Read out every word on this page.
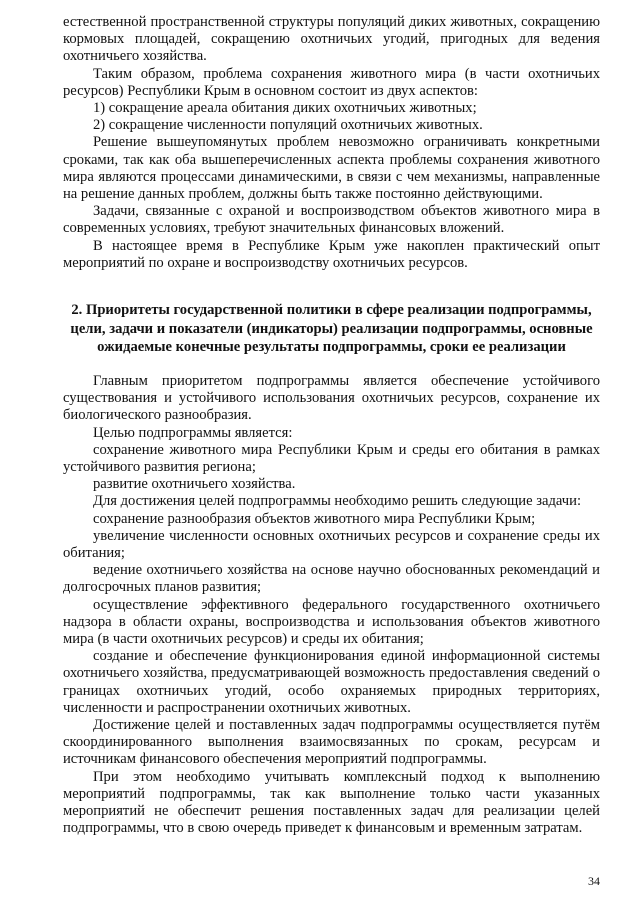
естественной пространственной структуры популяций диких животных, сокращению кормовых площадей, сокращению охотничьих угодий, пригодных для ведения охотничьего хозяйства.

Таким образом, проблема сохранения животного мира (в части охотничьих ресурсов) Республики Крым в основном состоит из двух аспектов:

1) сокращение ареала обитания диких охотничьих животных;

2) сокращение численности популяций охотничьих животных.

Решение вышеупомянутых проблем невозможно ограничивать конкретными сроками, так как оба вышеперечисленных аспекта проблемы сохранения животного мира являются процессами динамическими, в связи с чем механизмы, направленные на решение данных проблем, должны быть также постоянно действующими.

Задачи, связанные с охраной и воспроизводством объектов животного мира в современных условиях, требуют значительных финансовых вложений.

В настоящее время в Республике Крым уже накоплен практический опыт мероприятий по охране и воспроизводству охотничьих ресурсов.

2. Приоритеты государственной политики в сфере реализации подпрограммы, цели, задачи и показатели (индикаторы) реализации подпрограммы, основные ожидаемые конечные результаты подпрограммы, сроки ее реализации

Главным приоритетом подпрограммы является обеспечение устойчивого существования и устойчивого использования охотничьих ресурсов, сохранение их биологического разнообразия.

Целью подпрограммы является:

сохранение животного мира Республики Крым и среды его обитания в рамках устойчивого развития региона;

развитие охотничьего хозяйства.

Для достижения целей подпрограммы необходимо решить следующие задачи:

сохранение разнообразия объектов животного мира Республики Крым;

увеличение численности основных охотничьих ресурсов и сохранение среды их обитания;

ведение охотничьего хозяйства на основе научно обоснованных рекомендаций и долгосрочных планов развития;

осуществление эффективного федерального государственного охотничьего надзора в области охраны, воспроизводства и использования объектов животного мира (в части охотничьих ресурсов) и среды их обитания;

создание и обеспечение функционирования единой информационной системы охотничьего хозяйства, предусматривающей возможность предоставления сведений о границах охотничьих угодий, особо охраняемых природных территориях, численности и распространении охотничьих животных.

Достижение целей и поставленных задач подпрограммы осуществляется путём скоординированного выполнения взаимосвязанных по срокам, ресурсам и источникам финансового обеспечения мероприятий подпрограммы.

При этом необходимо учитывать комплексный подход к выполнению мероприятий подпрограммы, так как выполнение только части указанных мероприятий не обеспечит решения поставленных задач для реализации целей подпрограммы, что в свою очередь приведет к финансовым и временным затратам.

34
